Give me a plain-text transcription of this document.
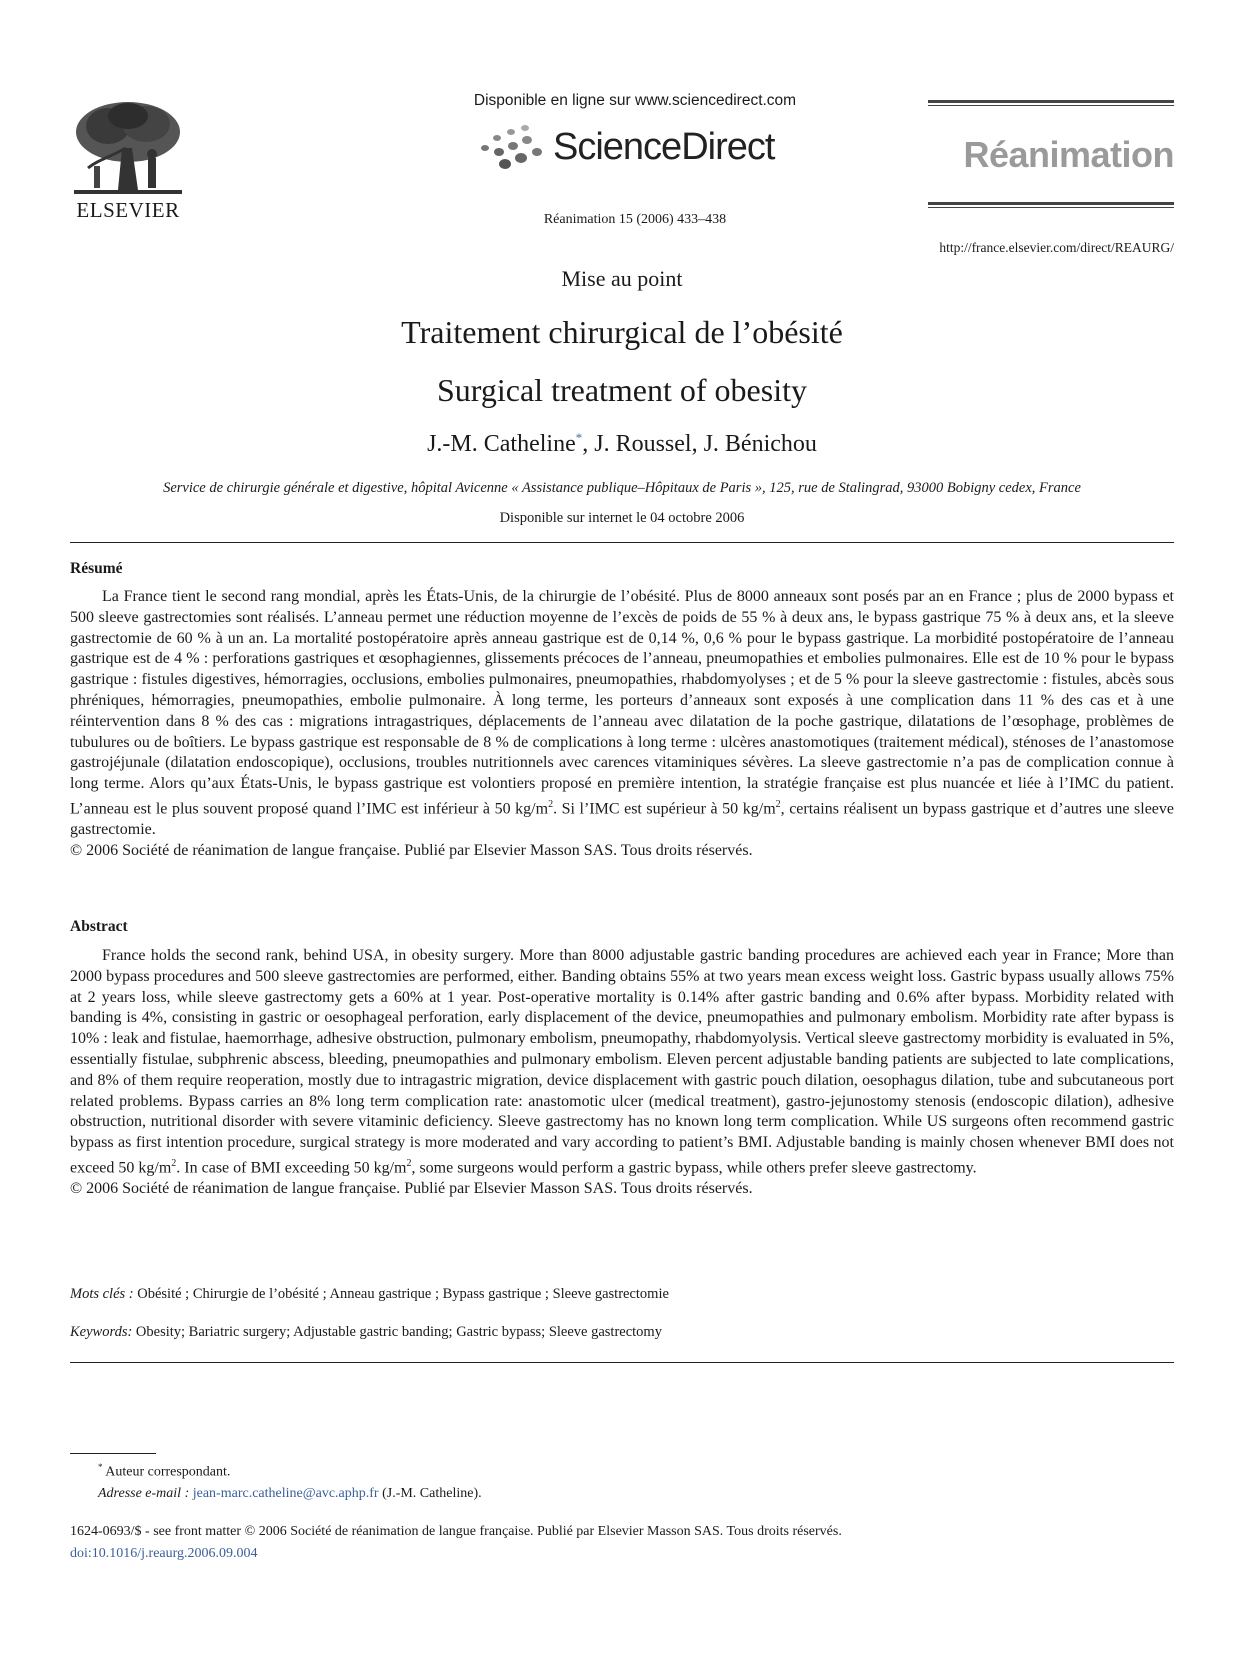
ELSEVIER
Disponible en ligne sur www.sciencedirect.com
ScienceDirect
Réanimation 15 (2006) 433–438
Réanimation
http://france.elsevier.com/direct/REAURG/
Mise au point
Traitement chirurgical de l’obésité
Surgical treatment of obesity
J.-M. Catheline*, J. Roussel, J. Bénichou
Service de chirurgie générale et digestive, hôpital Avicenne « Assistance publique–Hôpitaux de Paris », 125, rue de Stalingrad, 93000 Bobigny cedex, France
Disponible sur internet le 04 octobre 2006
Résumé

La France tient le second rang mondial, après les États-Unis, de la chirurgie de l’obésité. Plus de 8000 anneaux sont posés par an en France ; plus de 2000 bypass et 500 sleeve gastrectomies sont réalisés. L’anneau permet une réduction moyenne de l’excès de poids de 55 % à deux ans, le bypass gastrique 75 % à deux ans, et la sleeve gastrectomie de 60 % à un an. La mortalité postopératoire après anneau gastrique est de 0,14 %, 0,6 % pour le bypass gastrique. La morbidité postopératoire de l’anneau gastrique est de 4 % : perforations gastriques et œsophagiennes, glissements précoces de l’anneau, pneumopathies et embolies pulmonaires. Elle est de 10 % pour le bypass gastrique : fistules digestives, hémorragies, occlusions, embolies pulmonaires, pneumopathies, rhabdomyolyses ; et de 5 % pour la sleeve gastrectomie : fistules, abcès sous phréniques, hémorragies, pneumopathies, embolie pulmonaire. À long terme, les porteurs d’anneaux sont exposés à une complication dans 11 % des cas et à une réintervention dans 8 % des cas : migrations intragastriques, déplacements de l’anneau avec dilatation de la poche gastrique, dilatations de l’œsophage, problèmes de tubulures ou de boîtiers. Le bypass gastrique est responsable de 8 % de complications à long terme : ulcères anastomotiques (traitement médical), sténoses de l’anastomose gastrojéjunale (dilatation endoscopique), occlusions, troubles nutritionnels avec carences vitaminiques sévères. La sleeve gastrectomie n’a pas de complication connue à long terme. Alors qu’aux États-Unis, le bypass gastrique est volontiers proposé en première intention, la stratégie française est plus nuancée et liée à l’IMC du patient. L’anneau est le plus souvent proposé quand l’IMC est inférieur à 50 $kg/m^2$. Si l’IMC est supérieur à 50 $kg/m^2$, certains réalisent un bypass gastrique et d’autres une sleeve gastrectomie.

© 2006 Société de réanimation de langue française. Publié par Elsevier Masson SAS. Tous droits réservés.

Abstract

France holds the second rank, behind USA, in obesity surgery. More than 8000 adjustable gastric banding procedures are achieved each year in France; More than 2000 bypass procedures and 500 sleeve gastrectomies are performed, either. Banding obtains 55% at two years mean excess weight loss. Gastric bypass usually allows 75% at 2 years loss, while sleeve gastrectomy gets a 60% at 1 year. Post-operative mortality is 0.14% after gastric banding and 0.6% after bypass. Morbidity related with banding is 4%, consisting in gastric or oesophageal perforation, early displacement of the device, pneumopathies and pulmonary embolism. Morbidity rate after bypass is 10% : leak and fistulae, haemorrhage, adhesive obstruction, pulmonary embolism, pneumopathy, rhabdomyolysis. Vertical sleeve gastrectomy morbidity is evaluated in 5%, essentially fistulae, subphrenic abscess, bleeding, pneumopathies and pulmonary embolism. Eleven percent adjustable banding patients are subjected to late complications, and 8% of them require reoperation, mostly due to intragastric migration, device displacement with gastric pouch dilation, oesophagus dilation, tube and subcutaneous port related problems. Bypass carries an 8% long term complication rate: anastomotic ulcer (medical treatment), gastro-jejunostomy stenosis (endoscopic dilation), adhesive obstruction, nutritional disorder with severe vitaminic deficiency. Sleeve gastrectomy has no known long term complication. While US surgeons often recommend gastric bypass as first intention procedure, surgical strategy is more moderated and vary according to patient’s BMI. Adjustable banding is mainly chosen whenever BMI does not exceed 50 $kg/m^2$. In case of BMI exceeding 50 $kg/m^2$, some surgeons would perform a gastric bypass, while others prefer sleeve gastrectomy.

© 2006 Société de réanimation de langue française. Publié par Elsevier Masson SAS. Tous droits réservés.

Mots clés : Obésité ; Chirurgie de l’obésité ; Anneau gastrique ; Bypass gastrique ; Sleeve gastrectomie
Keywords: Obesity; Bariatric surgery; Adjustable gastric banding; Gastric bypass; Sleeve gastrectomy
* Auteur correspondant.
Adresse e-mail : jean-marc.catheline@avc.aphp.fr (J.-M. Catheline).
1624-0693/$ - see front matter © 2006 Société de réanimation de langue française. Publié par Elsevier Masson SAS. Tous droits réservés.
doi:10.1016/j.reaurg.2006.09.004
